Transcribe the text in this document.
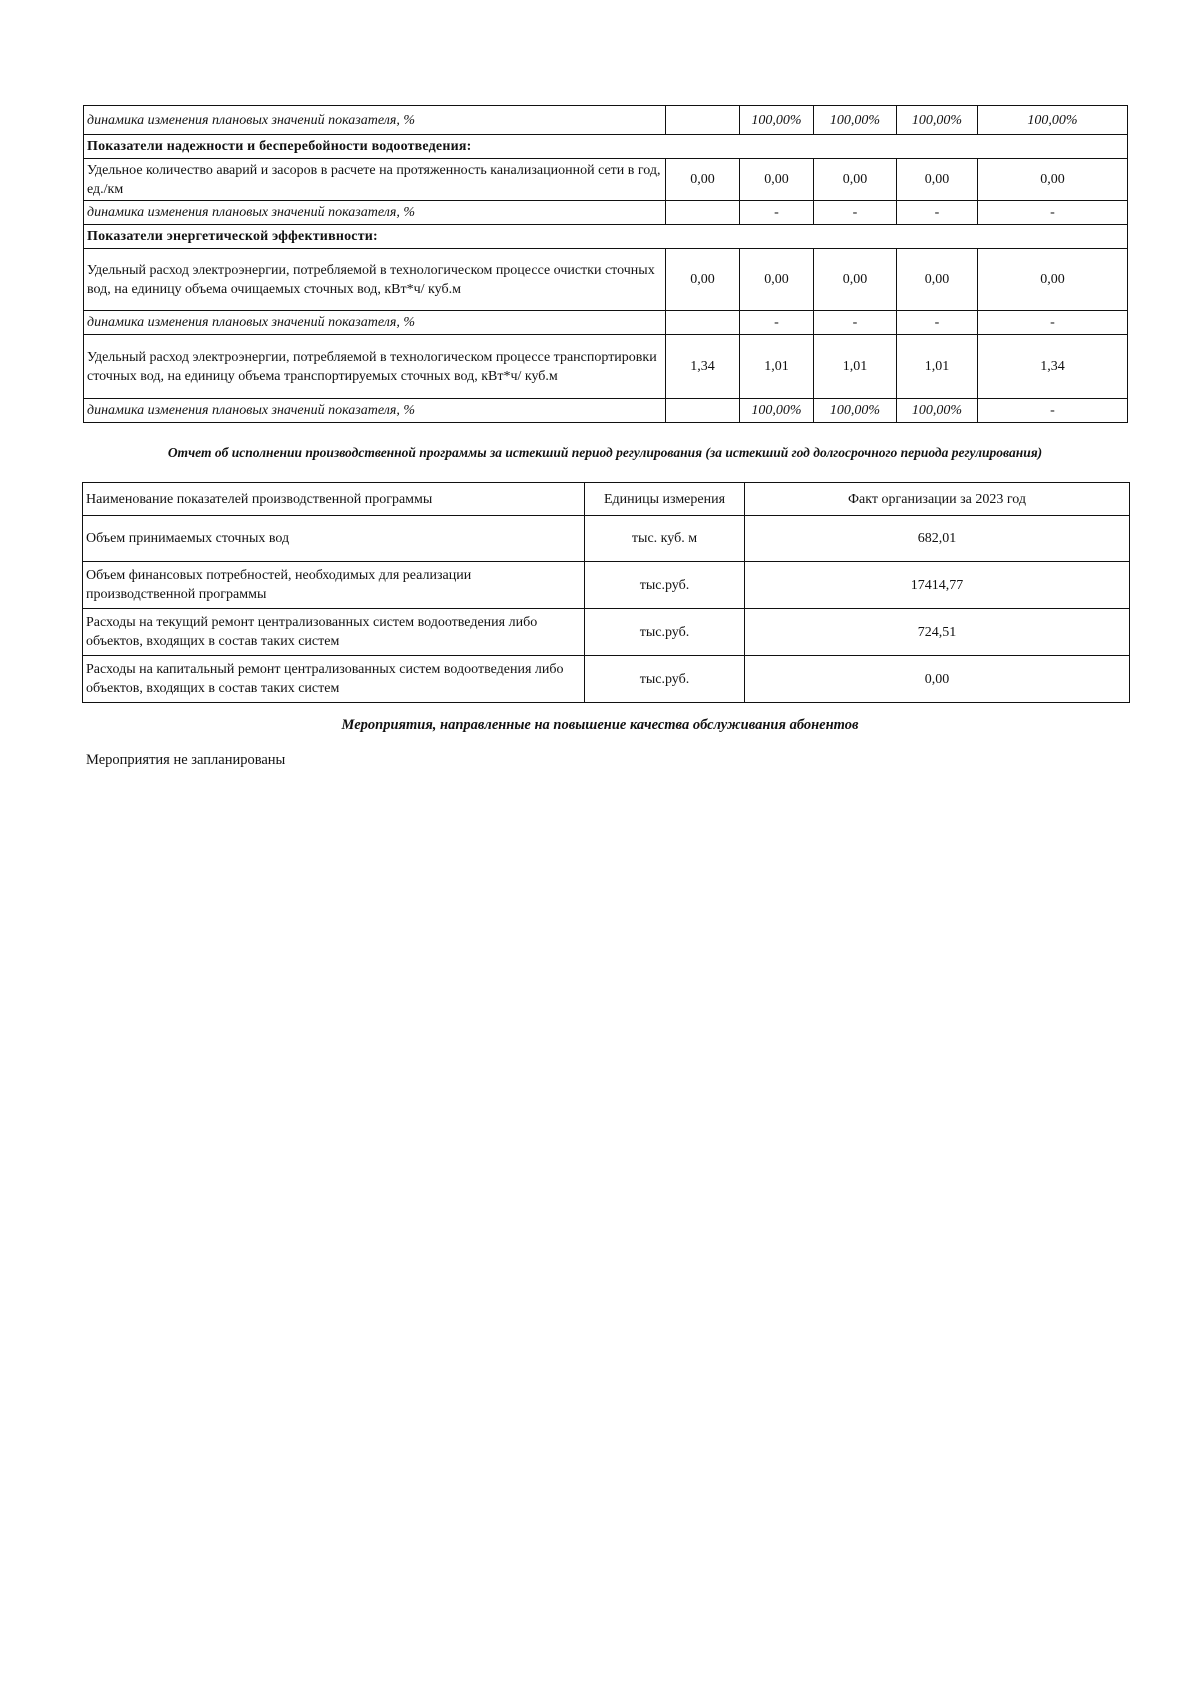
динамика изменения плановых значений показателя, %		100,00%	100,00%	100,00%	100,00%
Показатели надежности и бесперебойности водоотведения:					
Удельное количество аварий и засоров в расчете на протяженность канализационной сети в год, ед./км	0,00	0,00	0,00	0,00	0,00
динамика изменения плановых значений показателя, %		-	-	-	-
Показатели энергетической эффективности:					
Удельный расход электроэнергии, потребляемой в технологическом процессе очистки сточных вод, на единицу объема очищаемых сточных вод, кВт*ч/ куб.м	0,00	0,00	0,00	0,00	0,00
динамика изменения плановых значений показателя, %		-	-	-	-
Удельный расход электроэнергии, потребляемой в технологическом процессе транспортировки сточных вод, на единицу объема транспортируемых сточных вод, кВт*ч/ куб.м	1,34	1,01	1,01	1,01	1,34
динамика изменения плановых значений показателя, %		100,00%	100,00%	100,00%	-
Отчет об исполнении производственной программы за истекший период регулирования (за истекший год долгосрочного периода регулирования)
Наименование показателей производственной программы	Единицы измерения	Факт организации за 2023 год
Объем принимаемых сточных вод	тыс. куб. м	682,01
Объем финансовых потребностей, необходимых для реализации производственной программы	тыс.руб.	17414,77
Расходы на текущий ремонт централизованных систем водоотведения либо объектов, входящих в состав таких систем	тыс.руб.	724,51
Расходы на капитальный ремонт централизованных систем водоотведения либо объектов, входящих в состав таких систем	тыс.руб.	0,00
Мероприятия, направленные на повышение качества обслуживания абонентов
Мероприятия не запланированы
